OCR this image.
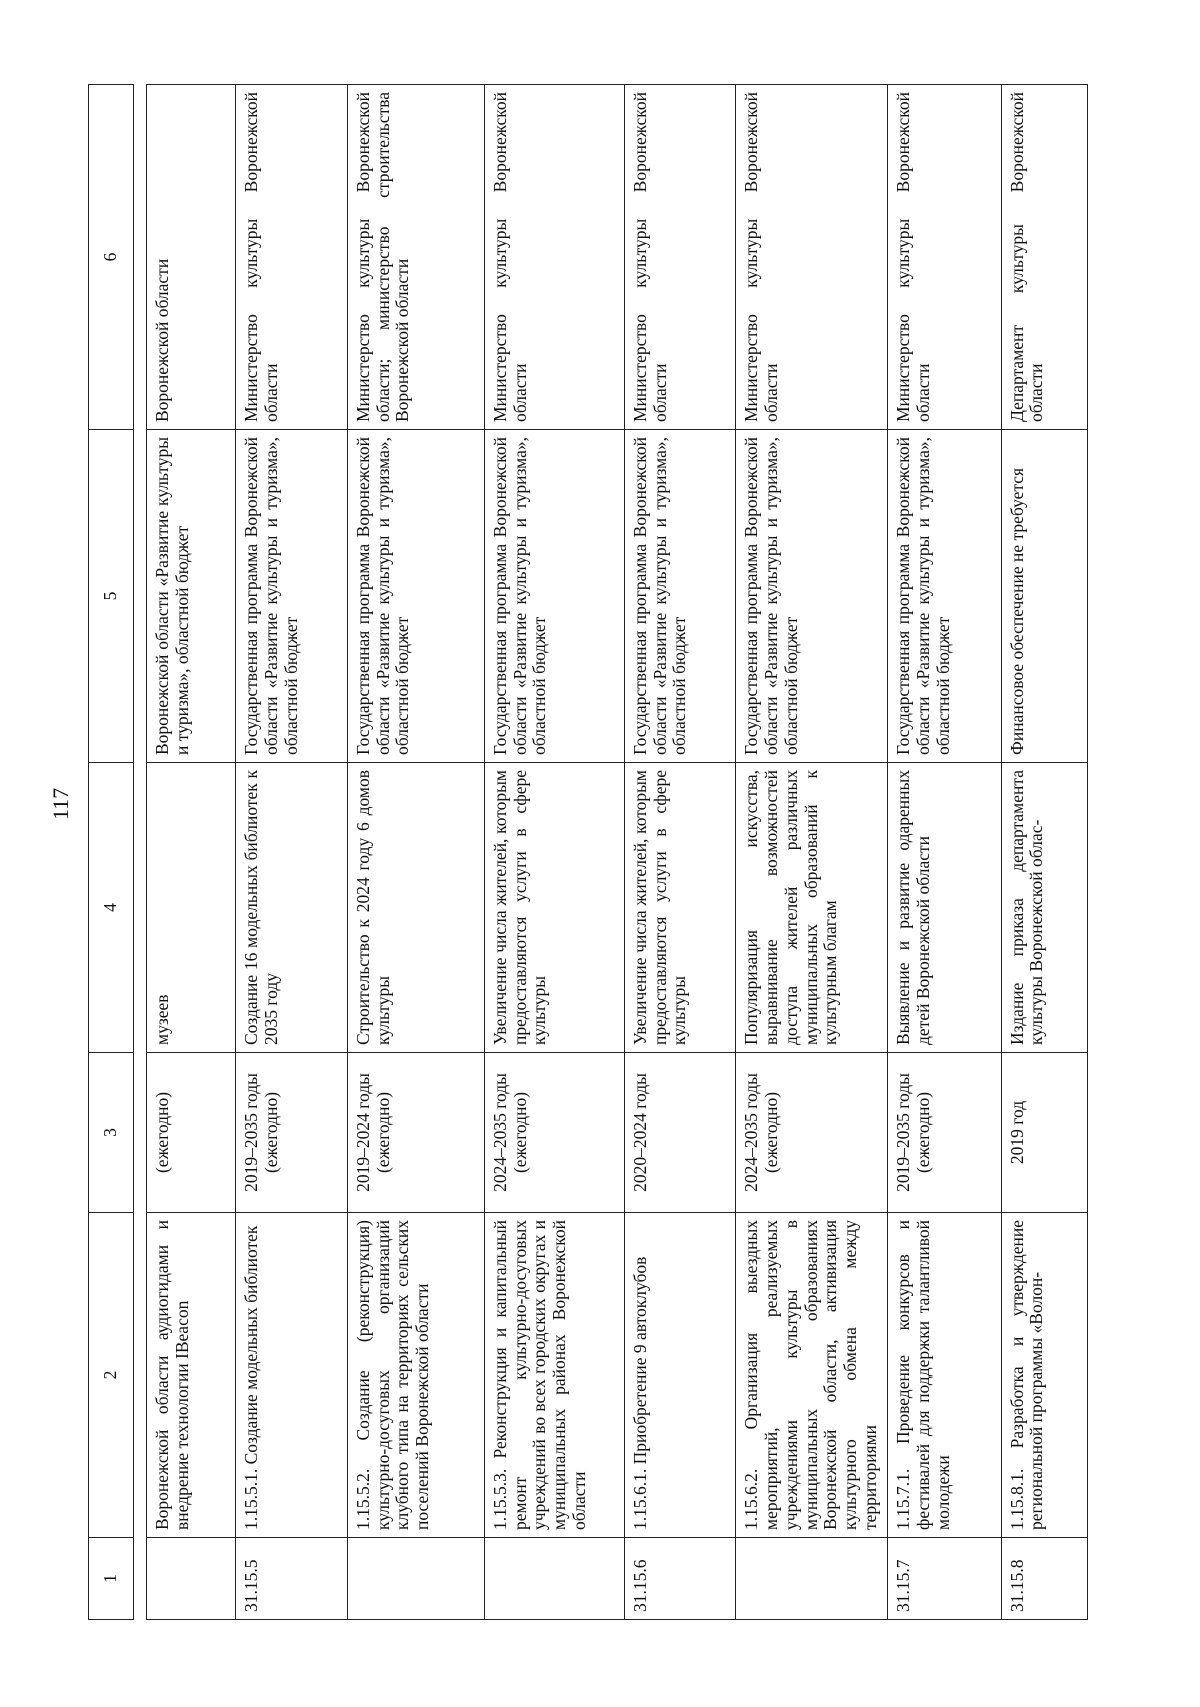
117
1	2	3	4	5	6

	Воронежской области аудиогидами и внедрение технологии IBeacon	(ежегодно)	музеев	Воронежской области «Развитие культуры и туризма», областной бюджет	Воронежской области
31.15.5	1.15.5.1. Создание модельных библиотек	2019–2035 годы (ежегодно)	Создание 16 модельных библиотек к 2035 году	Государственная программа Воронежской области «Развитие культуры и туризма», областной бюджет	Министерство культуры Воронежской области
	1.15.5.2. Создание (реконструкция) культурно-досуговых организаций клубного типа на территориях сельских поселений Воронежской области	2019–2024 годы (ежегодно)	Строительство к 2024 году 6 домов культуры	Государственная программа Воронежской области «Развитие культуры и туризма», областной бюджет	Министерство культуры Воронежской области; министерство строительства Воронежской области
	1.15.5.3. Реконструкция и капитальный ремонт культурно-досуговых учреждений во всех городских округах и муниципальных районах Воронежской области	2024–2035 годы (ежегодно)	Увеличение числа жителей, которым предоставляются услуги в сфере культуры	Государственная программа Воронежской области «Развитие культуры и туризма», областной бюджет	Министерство культуры Воронежской области
31.15.6	1.15.6.1. Приобретение 9 автоклубов	2020–2024 годы	Увеличение числа жителей, которым предоставляются услуги в сфере культуры	Государственная программа Воронежской области «Развитие культуры и туризма», областной бюджет	Министерство культуры Воронежской области
	1.15.6.2. Организация выездных мероприятий, реализуемых учреждениями культуры в муниципальных образованиях Воронежской области, активизация культурного обмена между территориями	2024–2035 годы (ежегодно)	Популяризация искусства, выравнивание возможностей доступа жителей различных муниципальных образований к культурным благам	Государственная программа Воронежской области «Развитие культуры и туризма», областной бюджет	Министерство культуры Воронежской области
31.15.7	1.15.7.1. Проведение конкурсов и фестивалей для поддержки талантливой молодежи	2019–2035 годы (ежегодно)	Выявление и развитие одаренных детей Воронежской области	Государственная программа Воронежской области «Развитие культуры и туризма», областной бюджет	Министерство культуры Воронежской области
31.15.8	1.15.8.1. Разработка и утверждение региональной программы «Волон-	2019 год	Издание приказа департамента культуры Воронежской облас-	Финансовое обеспечение не требуется	Департамент культуры Воронежской области
